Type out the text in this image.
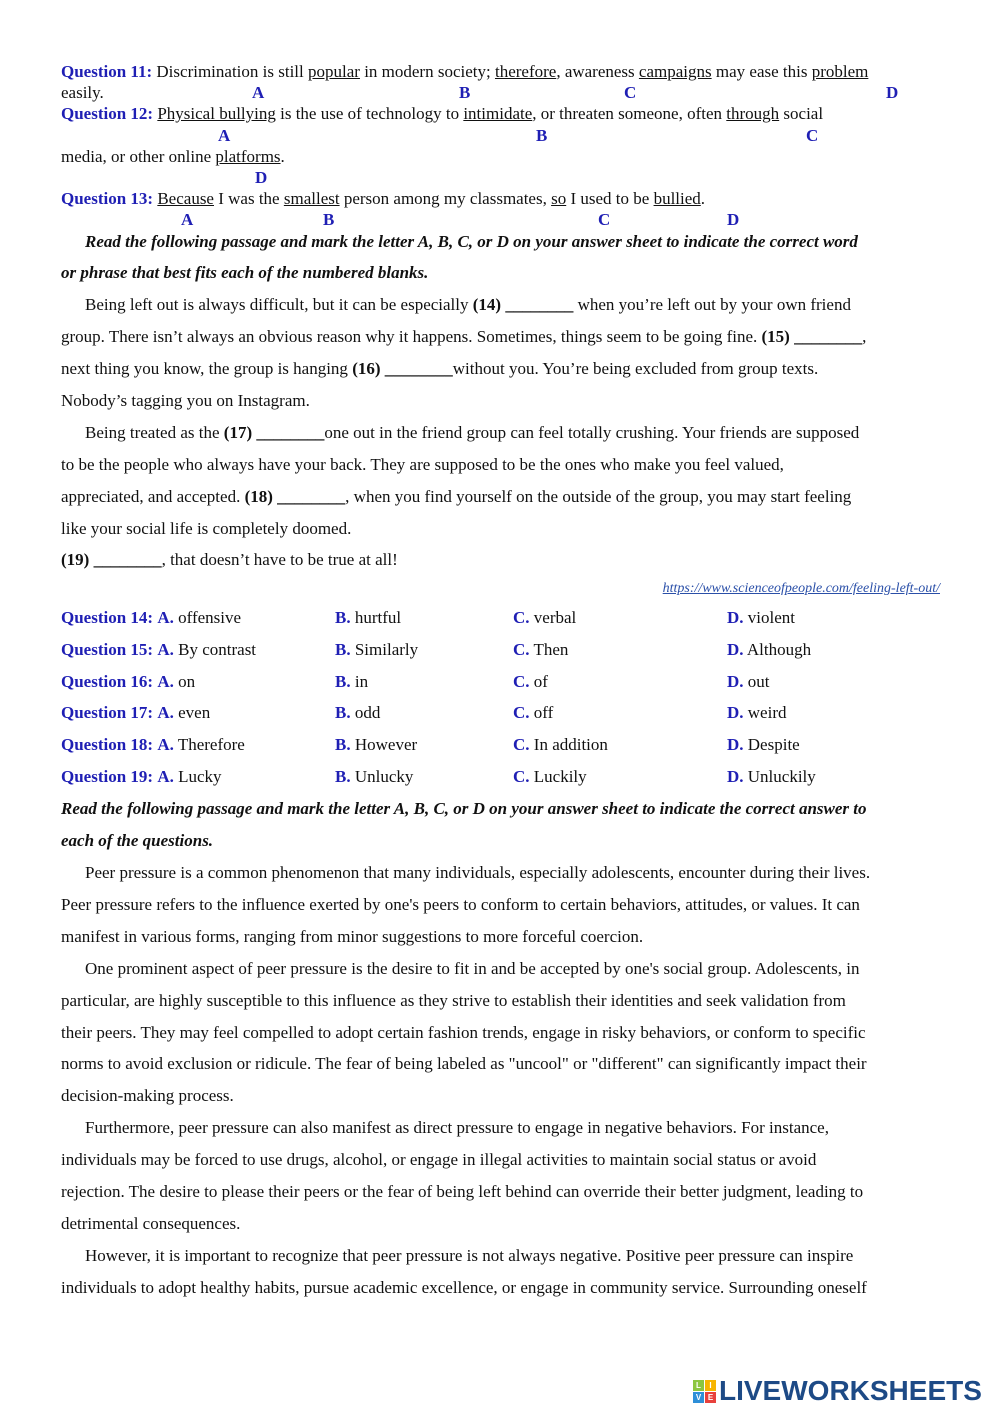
Question 11: Discrimination is still popular in modern society; therefore, awareness campaigns may ease this problem
easily.	A	B	C	D
Question 12: Physical bullying is the use of technology to intimidate, or threaten someone, often through social
A	B	C
media, or other online platforms.
D
Question 13: Because I was the smallest person among my classmates, so I used to be bullied.
A	B	C	D
Read the following passage and mark the letter A, B, C, or D on your answer sheet to indicate the correct word
or phrase that best fits each of the numbered blanks.
Being left out is always difficult, but it can be especially (14) ________ when you’re left out by your own friend
group. There isn’t always an obvious reason why it happens. Sometimes, things seem to be going fine. (15) ________,
next thing you know, the group is hanging (16) ________without you. You’re being excluded from group texts.
Nobody’s tagging you on Instagram.
Being treated as the (17) ________one out in the friend group can feel totally crushing. Your friends are supposed
to be the people who always have your back. They are supposed to be the ones who make you feel valued,
appreciated, and accepted. (18) ________, when you find yourself on the outside of the group, you may start feeling
like your social life is completely doomed.
(19) ________, that doesn’t have to be true at all!
https://www.scienceofpeople.com/feeling-left-out/
Question 14: A. offensive	B. hurtful	C. verbal	D. violent
Question 15: A. By contrast	B. Similarly	C. Then	D. Although
Question 16: A. on	B. in	C. of	D. out
Question 17: A. even	B. odd	C. off	D. weird
Question 18: A. Therefore	B. However	C. In addition	D. Despite
Question 19: A. Lucky	B. Unlucky	C. Luckily	D. Unluckily
Read the following passage and mark the letter A, B, C, or D on your answer sheet to indicate the correct answer to
each of the questions.
Peer pressure is a common phenomenon that many individuals, especially adolescents, encounter during their lives.
Peer pressure refers to the influence exerted by one's peers to conform to certain behaviors, attitudes, or values. It can
manifest in various forms, ranging from minor suggestions to more forceful coercion.
One prominent aspect of peer pressure is the desire to fit in and be accepted by one's social group. Adolescents, in
particular, are highly susceptible to this influence as they strive to establish their identities and seek validation from
their peers. They may feel compelled to adopt certain fashion trends, engage in risky behaviors, or conform to specific
norms to avoid exclusion or ridicule. The fear of being labeled as "uncool" or "different" can significantly impact their
decision-making process.
Furthermore, peer pressure can also manifest as direct pressure to engage in negative behaviors. For instance,
individuals may be forced to use drugs, alcohol, or engage in illegal activities to maintain social status or avoid
rejection. The desire to please their peers or the fear of being left behind can override their better judgment, leading to
detrimental consequences.
However, it is important to recognize that peer pressure is not always negative. Positive peer pressure can inspire
individuals to adopt healthy habits, pursue academic excellence, or engage in community service. Surrounding oneself
L	I
V E LIVEWORKSHEETS
